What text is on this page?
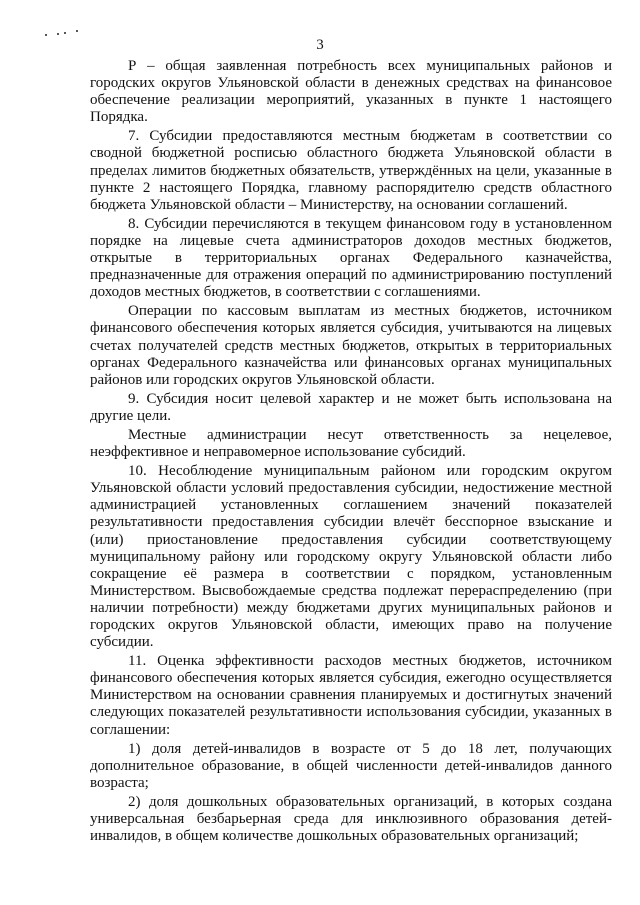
3

Р – общая заявленная потребность всех муниципальных районов и городских округов Ульяновской области в денежных средствах на финансовое обеспечение реализации мероприятий, указанных в пункте 1 настоящего Порядка.

7. Субсидии предоставляются местным бюджетам в соответствии со сводной бюджетной росписью областного бюджета Ульяновской области в пределах лимитов бюджетных обязательств, утверждённых на цели, указанные в пункте 2 настоящего Порядка, главному распорядителю средств областного бюджета Ульяновской области – Министерству, на основании соглашений.

8. Субсидии перечисляются в текущем финансовом году в установленном порядке на лицевые счета администраторов доходов местных бюджетов, открытые в территориальных органах Федерального казначейства, предназначенные для отражения операций по администрированию поступлений доходов местных бюджетов, в соответствии с соглашениями.

Операции по кассовым выплатам из местных бюджетов, источником финансового обеспечения которых является субсидия, учитываются на лицевых счетах получателей средств местных бюджетов, открытых в территориальных органах Федерального казначейства или финансовых органах муниципальных районов или городских округов Ульяновской области.

9. Субсидия носит целевой характер и не может быть использована на другие цели.

Местные администрации несут ответственность за нецелевое, неэффективное и неправомерное использование субсидий.

10. Несоблюдение муниципальным районом или городским округом Ульяновской области условий предоставления субсидии, недостижение местной администрацией установленных соглашением значений показателей результативности предоставления субсидии влечёт бесспорное взыскание и (или) приостановление предоставления субсидии соответствующему муниципальному району или городскому округу Ульяновской области либо сокращение её размера в соответствии с порядком, установленным Министерством. Высвобождаемые средства подлежат перераспределению (при наличии потребности) между бюджетами других муниципальных районов и городских округов Ульяновской области, имеющих право на получение субсидии.

11. Оценка эффективности расходов местных бюджетов, источником финансового обеспечения которых является субсидия, ежегодно осуществляется Министерством на основании сравнения планируемых и достигнутых значений следующих показателей результативности использования субсидии, указанных в соглашении:

1) доля детей-инвалидов в возрасте от 5 до 18 лет, получающих дополнительное образование, в общей численности детей-инвалидов данного возраста;

2) доля дошкольных образовательных организаций, в которых создана универсальная безбарьерная среда для инклюзивного образования детей-инвалидов, в общем количестве дошкольных образовательных организаций;
